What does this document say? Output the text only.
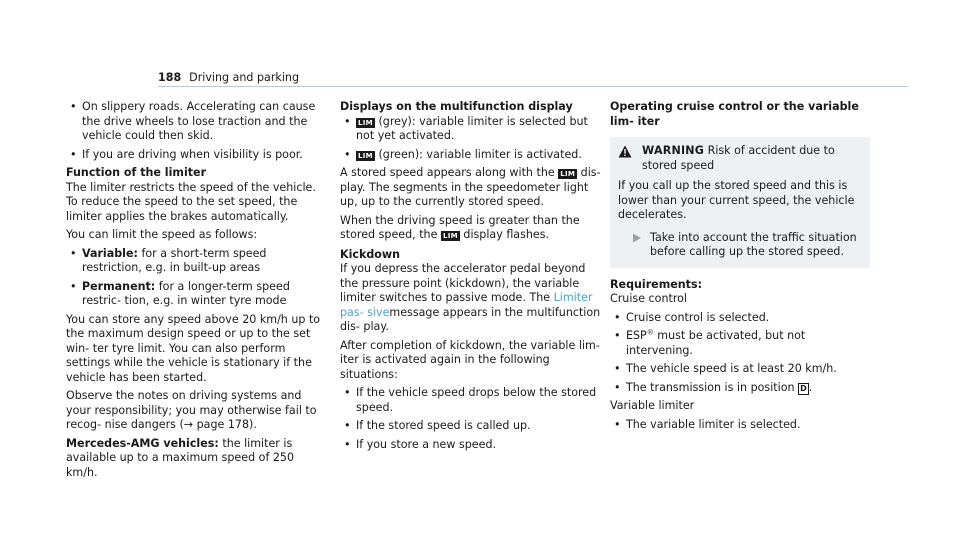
188 Driving and parking
• On slippery roads. Accelerating can cause the drive wheels to lose traction and the vehicle could then skid.
• If you are driving when visibility is poor.

Function of the limiter

The limiter restricts the speed of the vehicle. To reduce the speed to the set speed, the limiter applies the brakes automatically.

You can limit the speed as follows:

• Variable: for a short-term speed restriction, e.g. in built-up areas
• Permanent: for a longer-term speed restric- tion, e.g. in winter tyre mode

You can store any speed above 20 km/h up to the maximum design speed or up to the set win- ter tyre limit. You can also perform settings while the vehicle is stationary if the vehicle has been started.

Observe the notes on driving systems and your responsibility; you may otherwise fail to recog- nise dangers (→ page 178).

Mercedes-AMG vehicles: the limiter is available up to a maximum speed of 250 km/h.

Displays on the multifunction display

• LIM (grey): variable limiter is selected but not yet activated.
• LIM (green): variable limiter is activated.

A stored speed appears along with the LIM dis- play. The segments in the speedometer light up, up to the currently stored speed.

When the driving speed is greater than the stored speed, the LIM display flashes.

Kickdown

If you depress the accelerator pedal beyond the pressure point (kickdown), the variable limiter switches to passive mode. The Limiter pas- sivemessage appears in the multifunction dis- play.

After completion of kickdown, the variable lim- iter is activated again in the following situations:

• If the vehicle speed drops below the stored speed.
• If the stored speed is called up.
• If you store a new speed.

Operating cruise control or the variable lim- iter

WARNING Risk of accident due to stored speed

If you call up the stored speed and this is lower than your current speed, the vehicle decelerates.

Take into account the traffic situation before calling up the stored speed.

Requirements:

Cruise control

• Cruise control is selected.
• ESP® must be activated, but not intervening.
• The vehicle speed is at least 20 km/h.
• The transmission is in position D .

Variable limiter

• The variable limiter is selected.
